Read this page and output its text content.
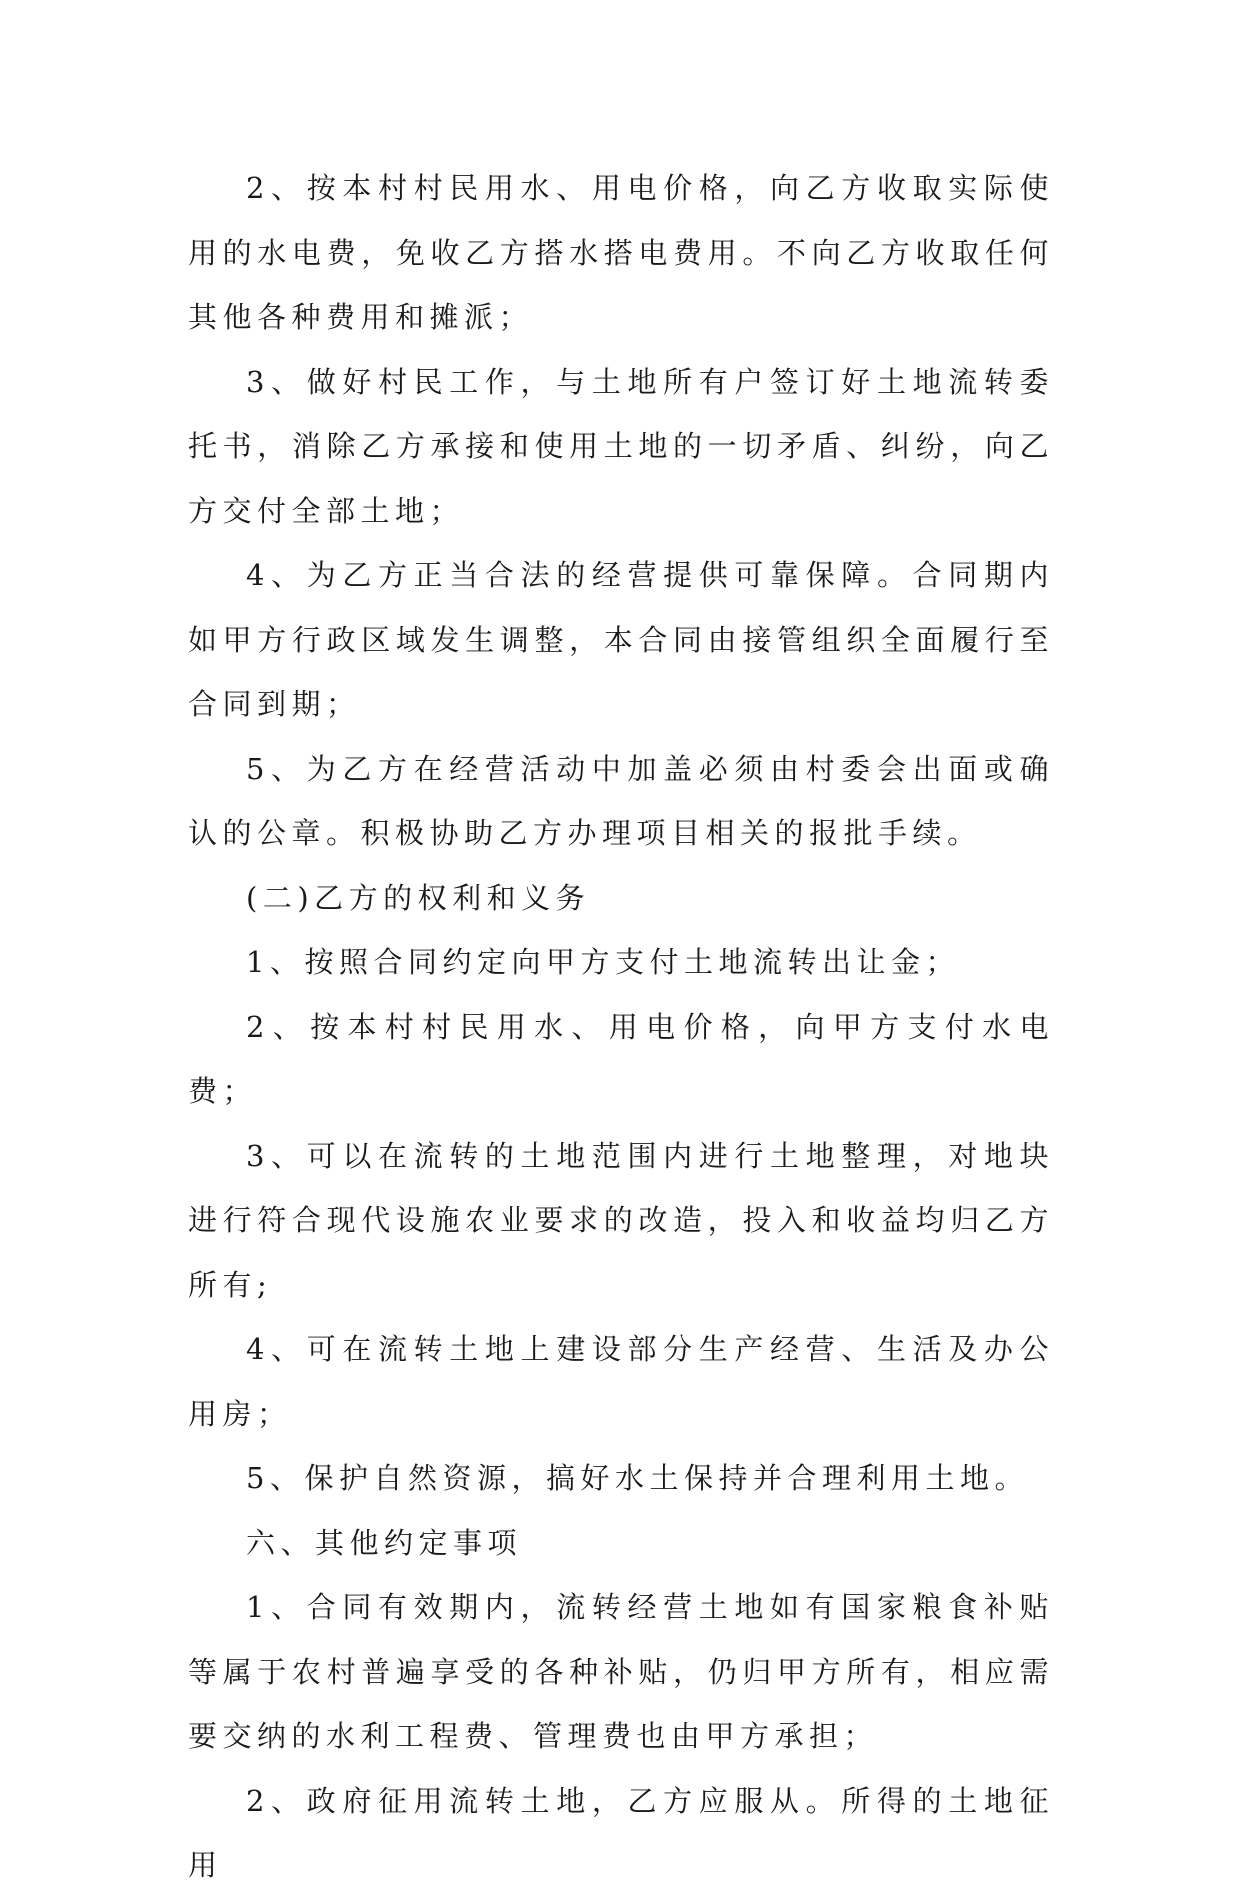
2、按本村村民用水、用电价格，向乙方收取实际使用的水电费，免收乙方搭水搭电费用。不向乙方收取任何其他各种费用和摊派；

3、做好村民工作，与土地所有户签订好土地流转委托书，消除乙方承接和使用土地的一切矛盾、纠纷，向乙方交付全部土地；

4、为乙方正当合法的经营提供可靠保障。合同期内如甲方行政区域发生调整，本合同由接管组织全面履行至合同到期；

5、为乙方在经营活动中加盖必须由村委会出面或确认的公章。积极协助乙方办理项目相关的报批手续。

(二)乙方的权利和义务

1、按照合同约定向甲方支付土地流转出让金；

2、按本村村民用水、用电价格，向甲方支付水电费；

3、可以在流转的土地范围内进行土地整理，对地块进行符合现代设施农业要求的改造，投入和收益均归乙方所有;

4、可在流转土地上建设部分生产经营、生活及办公用房；

5、保护自然资源，搞好水土保持并合理利用土地。

六、其他约定事项

1、合同有效期内，流转经营土地如有国家粮食补贴等属于农村普遍享受的各种补贴，仍归甲方所有，相应需要交纳的水利工程费、管理费也由甲方承担；

2、政府征用流转土地，乙方应服从。所得的土地征用
